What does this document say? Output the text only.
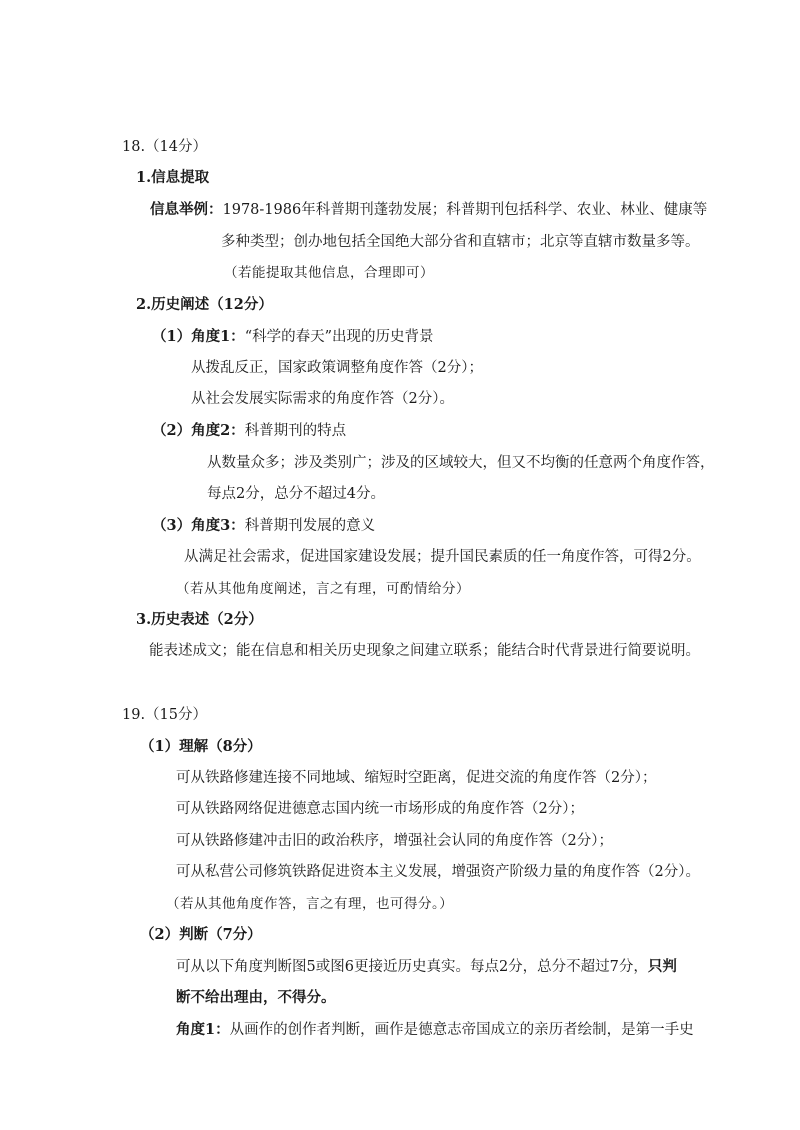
18.（14分）
1.信息提取
信息举例：1978-1986年科普期刊蓬勃发展；科普期刊包括科学、农业、林业、健康等
多种类型；创办地包括全国绝大部分省和直辖市；北京等直辖市数量多等。
（若能提取其他信息，合理即可）
2.历史阐述（12分）
（1）角度1：“科学的春天”出现的历史背景
从拨乱反正，国家政策调整角度作答（2分）；
从社会发展实际需求的角度作答（2分）。
（2）角度2：科普期刊的特点
从数量众多；涉及类别广；涉及的区域较大，但又不均衡的任意两个角度作答，
每点2分，总分不超过4分。
（3）角度3：科普期刊发展的意义
从满足社会需求，促进国家建设发展；提升国民素质的任一角度作答，可得2分。
（若从其他角度阐述，言之有理，可酌情给分）
3.历史表述（2分）
能表述成文；能在信息和相关历史现象之间建立联系；能结合时代背景进行简要说明。
19.（15分）
（1）理解（8分）
可从铁路修建连接不同地域、缩短时空距离，促进交流的角度作答（2分）；
可从铁路网络促进德意志国内统一市场形成的角度作答（2分）；
可从铁路修建冲击旧的政治秩序，增强社会认同的角度作答（2分）；
可从私营公司修筑铁路促进资本主义发展，增强资产阶级力量的角度作答（2分）。
（若从其他角度作答，言之有理，也可得分。）
（2）判断（7分）
可从以下角度判断图5或图6更接近历史真实。每点2分，总分不超过7分，只判
断不给出理由，不得分。
角度1：从画作的创作者判断，画作是德意志帝国成立的亲历者绘制，是第一手史
